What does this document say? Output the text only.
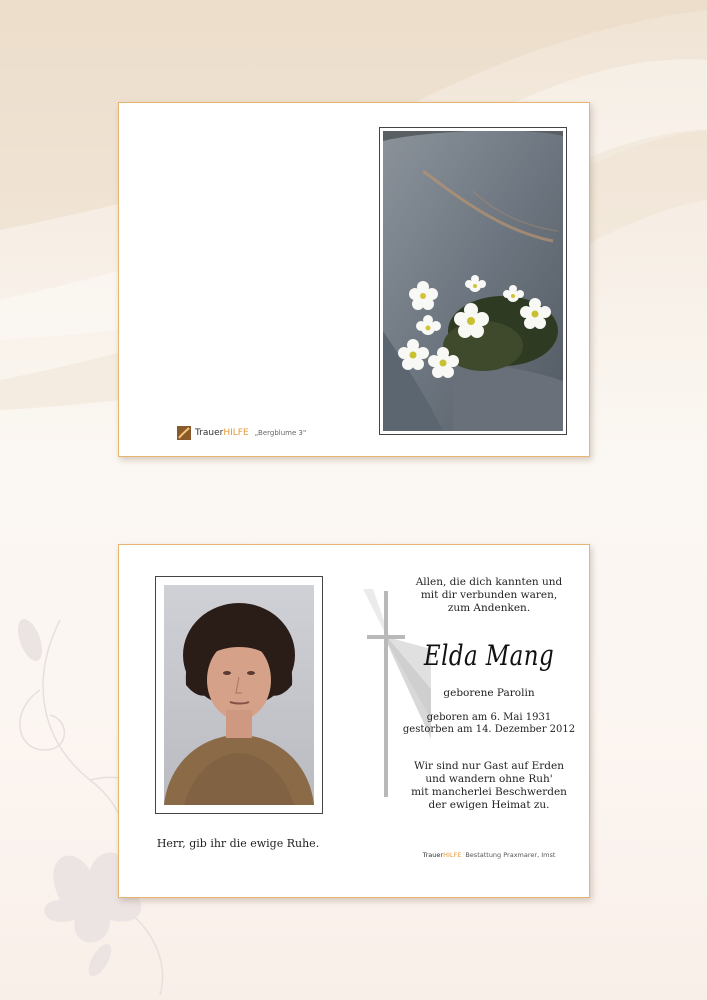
Trauer HILFE „Bergblume 3"
Herr, gib ihr die ewige Ruhe.
Allen, die dich kannten und
mit dir verbunden waren,
zum Andenken.
Elda Mang
geborene Parolin
geboren am 6. Mai 1931
gestorben am 14. Dezember 2012
Wir sind nur Gast auf Erden
und wandern ohne Ruh'
mit mancherlei Beschwerden
der ewigen Heimat zu.
Trauer HILFE Bestattung Praxmarer, Imst
